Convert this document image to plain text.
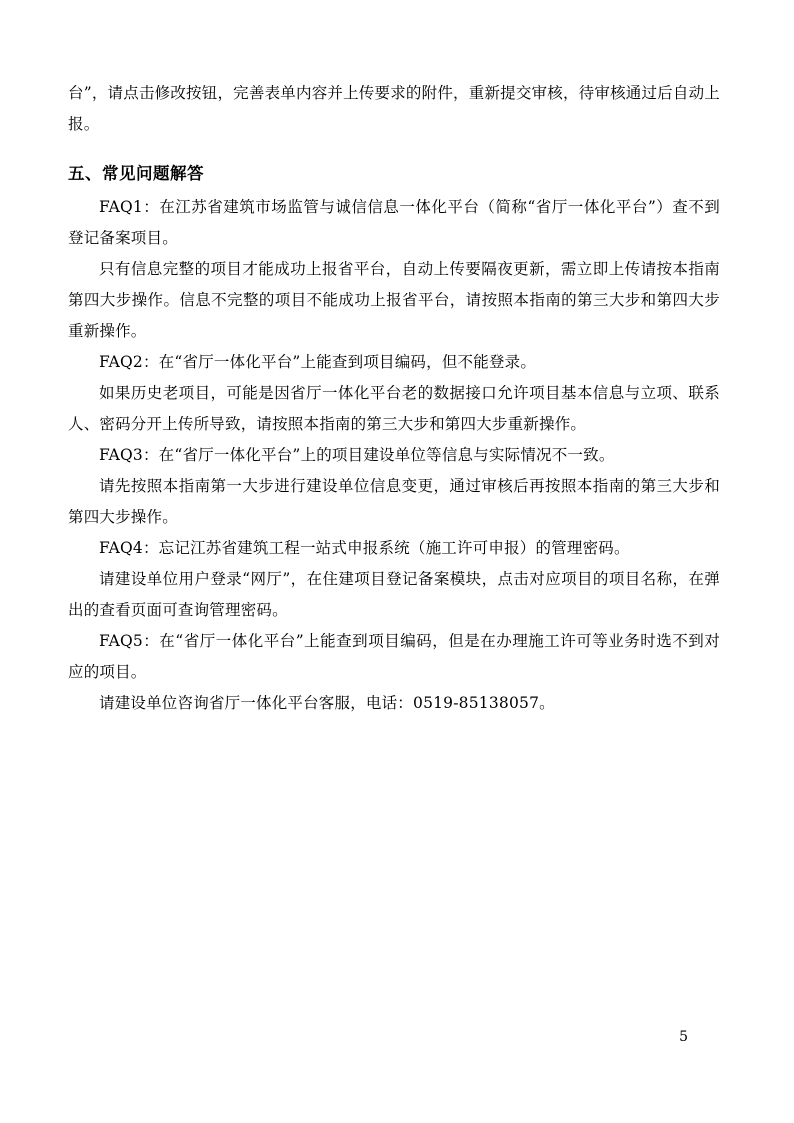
台”，请点击修改按钮，完善表单内容并上传要求的附件，重新提交审核，待审核通过后自动上报。

五、常见问题解答

FAQ1：在江苏省建筑市场监管与诚信信息一体化平台（简称“省厅一体化平台”）查不到登记备案项目。

只有信息完整的项目才能成功上报省平台，自动上传要隔夜更新，需立即上传请按本指南第四大步操作。信息不完整的项目不能成功上报省平台，请按照本指南的第三大步和第四大步重新操作。

FAQ2：在“省厅一体化平台”上能查到项目编码，但不能登录。

如果历史老项目，可能是因省厅一体化平台老的数据接口允许项目基本信息与立项、联系人、密码分开上传所导致，请按照本指南的第三大步和第四大步重新操作。

FAQ3：在“省厅一体化平台”上的项目建设单位等信息与实际情况不一致。

请先按照本指南第一大步进行建设单位信息变更，通过审核后再按照本指南的第三大步和第四大步操作。

FAQ4：忘记江苏省建筑工程一站式申报系统（施工许可申报）的管理密码。

请建设单位用户登录“网厅”，在住建项目登记备案模块，点击对应项目的项目名称，在弹出的查看页面可查询管理密码。

FAQ5：在“省厅一体化平台”上能查到项目编码，但是在办理施工许可等业务时选不到对应的项目。

请建设单位咨询省厅一体化平台客服，电话：0519-85138057。

5
